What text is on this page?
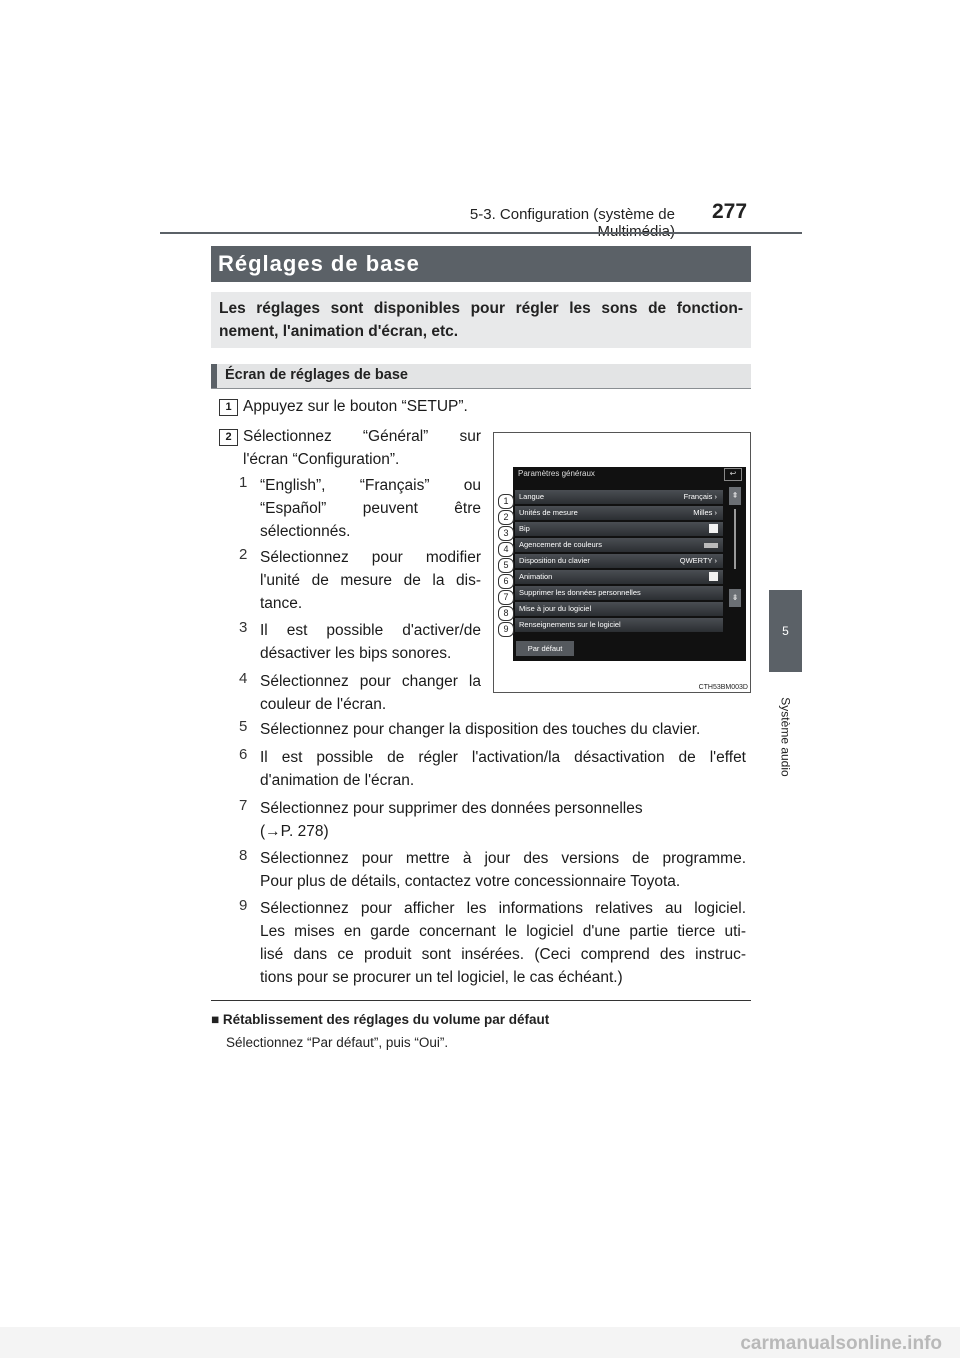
5-3. Configuration (système de 277
5
Système audio
Réglages de base

Les réglages sont disponibles pour régler les sons de fonction-nement, l'animation d'écran, etc.

Écran de réglages de base
1 Appuyez sur le bouton “SETUP”.
2 Sélectionnez “Général” sur
l'écran “Configuration”.
1 “English”, “Français” ou
“Español” peuvent être
sélectionnés.
2 Sélectionnez pour modifier
l'unité de mesure de la dis-
tance.
3 Il est possible d'activer/de
désactiver les bips sonores.
4 Sélectionnez pour changer la
couleur de l'écran.
5 Sélectionnez pour changer la disposition des touches du clavier.
6 Il est possible de régler l'activation/la désactivation de l'effet
d'animation de l'écran.
7 Sélectionnez pour supprimer des données personnelles
(→P. 278)
8 Sélectionnez pour mettre à jour des versions de programme.
Pour plus de détails, contactez votre concessionnaire Toyota.
9 Sélectionnez pour afficher les informations relatives au logiciel.
Les mises en garde concernant le logiciel d'une partie tierce uti-
lisé dans ce produit sont insérées. (Ceci comprend des instruc-
tions pour se procurer un tel logiciel, le cas échéant.)
Paramètres généraux	↩
Langue	Français ›
Unités de mesure	Milles ›
Bip
Agencement de couleurs
Disposition du clavier	QWERTY ›
Animation
Supprimer les données personnelles
Mise à jour du logiciel
Renseignements sur le logiciel
⇞
⇟
Par défaut
1
2
3
4
5
6
7
8
9
CTH53BM003D
■ Rétablissement des réglages du volume par défaut
Sélectionnez “Par défaut”, puis “Oui”.
carmanualsonline.info
